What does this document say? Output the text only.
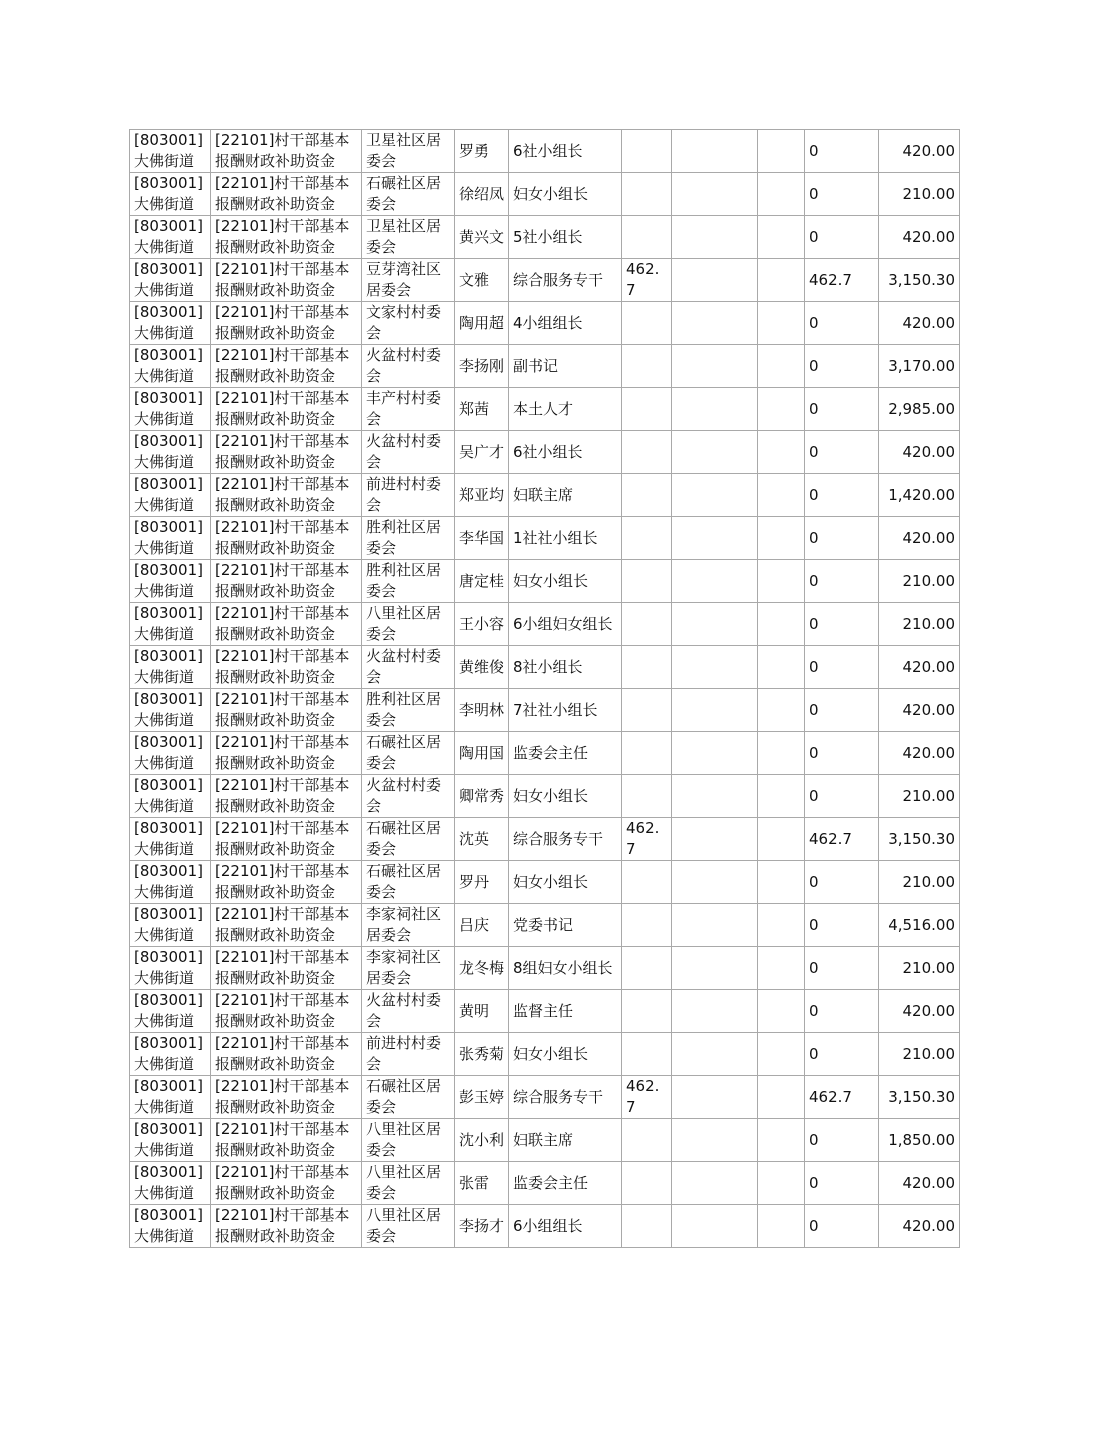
[803001]大佛街道	[22101]村干部基本报酬财政补助资金	卫星社区居委会	罗勇	6社小组长				0	420.00
[803001]大佛街道	[22101]村干部基本报酬财政补助资金	石碾社区居委会	徐绍凤	妇女小组长				0	210.00
[803001]大佛街道	[22101]村干部基本报酬财政补助资金	卫星社区居委会	黄兴文	5社小组长				0	420.00
[803001]大佛街道	[22101]村干部基本报酬财政补助资金	豆芽湾社区居委会	文雅	综合服务专干	462.7			462.7	3,150.30
[803001]大佛街道	[22101]村干部基本报酬财政补助资金	文家村村委会	陶用超	4小组组长				0	420.00
[803001]大佛街道	[22101]村干部基本报酬财政补助资金	火盆村村委会	李扬刚	副书记				0	3,170.00
[803001]大佛街道	[22101]村干部基本报酬财政补助资金	丰产村村委会	郑茜	本土人才				0	2,985.00
[803001]大佛街道	[22101]村干部基本报酬财政补助资金	火盆村村委会	吴广才	6社小组长				0	420.00
[803001]大佛街道	[22101]村干部基本报酬财政补助资金	前进村村委会	郑亚均	妇联主席				0	1,420.00
[803001]大佛街道	[22101]村干部基本报酬财政补助资金	胜利社区居委会	李华国	1社社小组长				0	420.00
[803001]大佛街道	[22101]村干部基本报酬财政补助资金	胜利社区居委会	唐定桂	妇女小组长				0	210.00
[803001]大佛街道	[22101]村干部基本报酬财政补助资金	八里社区居委会	王小容	6小组妇女组长				0	210.00
[803001]大佛街道	[22101]村干部基本报酬财政补助资金	火盆村村委会	黄维俊	8社小组长				0	420.00
[803001]大佛街道	[22101]村干部基本报酬财政补助资金	胜利社区居委会	李明林	7社社小组长				0	420.00
[803001]大佛街道	[22101]村干部基本报酬财政补助资金	石碾社区居委会	陶用国	监委会主任				0	420.00
[803001]大佛街道	[22101]村干部基本报酬财政补助资金	火盆村村委会	卿常秀	妇女小组长				0	210.00
[803001]大佛街道	[22101]村干部基本报酬财政补助资金	石碾社区居委会	沈英	综合服务专干	462.7			462.7	3,150.30
[803001]大佛街道	[22101]村干部基本报酬财政补助资金	石碾社区居委会	罗丹	妇女小组长				0	210.00
[803001]大佛街道	[22101]村干部基本报酬财政补助资金	李家祠社区居委会	吕庆	党委书记				0	4,516.00
[803001]大佛街道	[22101]村干部基本报酬财政补助资金	李家祠社区居委会	龙冬梅	8组妇女小组长				0	210.00
[803001]大佛街道	[22101]村干部基本报酬财政补助资金	火盆村村委会	黄明	监督主任				0	420.00
[803001]大佛街道	[22101]村干部基本报酬财政补助资金	前进村村委会	张秀菊	妇女小组长				0	210.00
[803001]大佛街道	[22101]村干部基本报酬财政补助资金	石碾社区居委会	彭玉婷	综合服务专干	462.7			462.7	3,150.30
[803001]大佛街道	[22101]村干部基本报酬财政补助资金	八里社区居委会	沈小利	妇联主席				0	1,850.00
[803001]大佛街道	[22101]村干部基本报酬财政补助资金	八里社区居委会	张雷	监委会主任				0	420.00
[803001]大佛街道	[22101]村干部基本报酬财政补助资金	八里社区居委会	李扬才	6小组组长				0	420.00
